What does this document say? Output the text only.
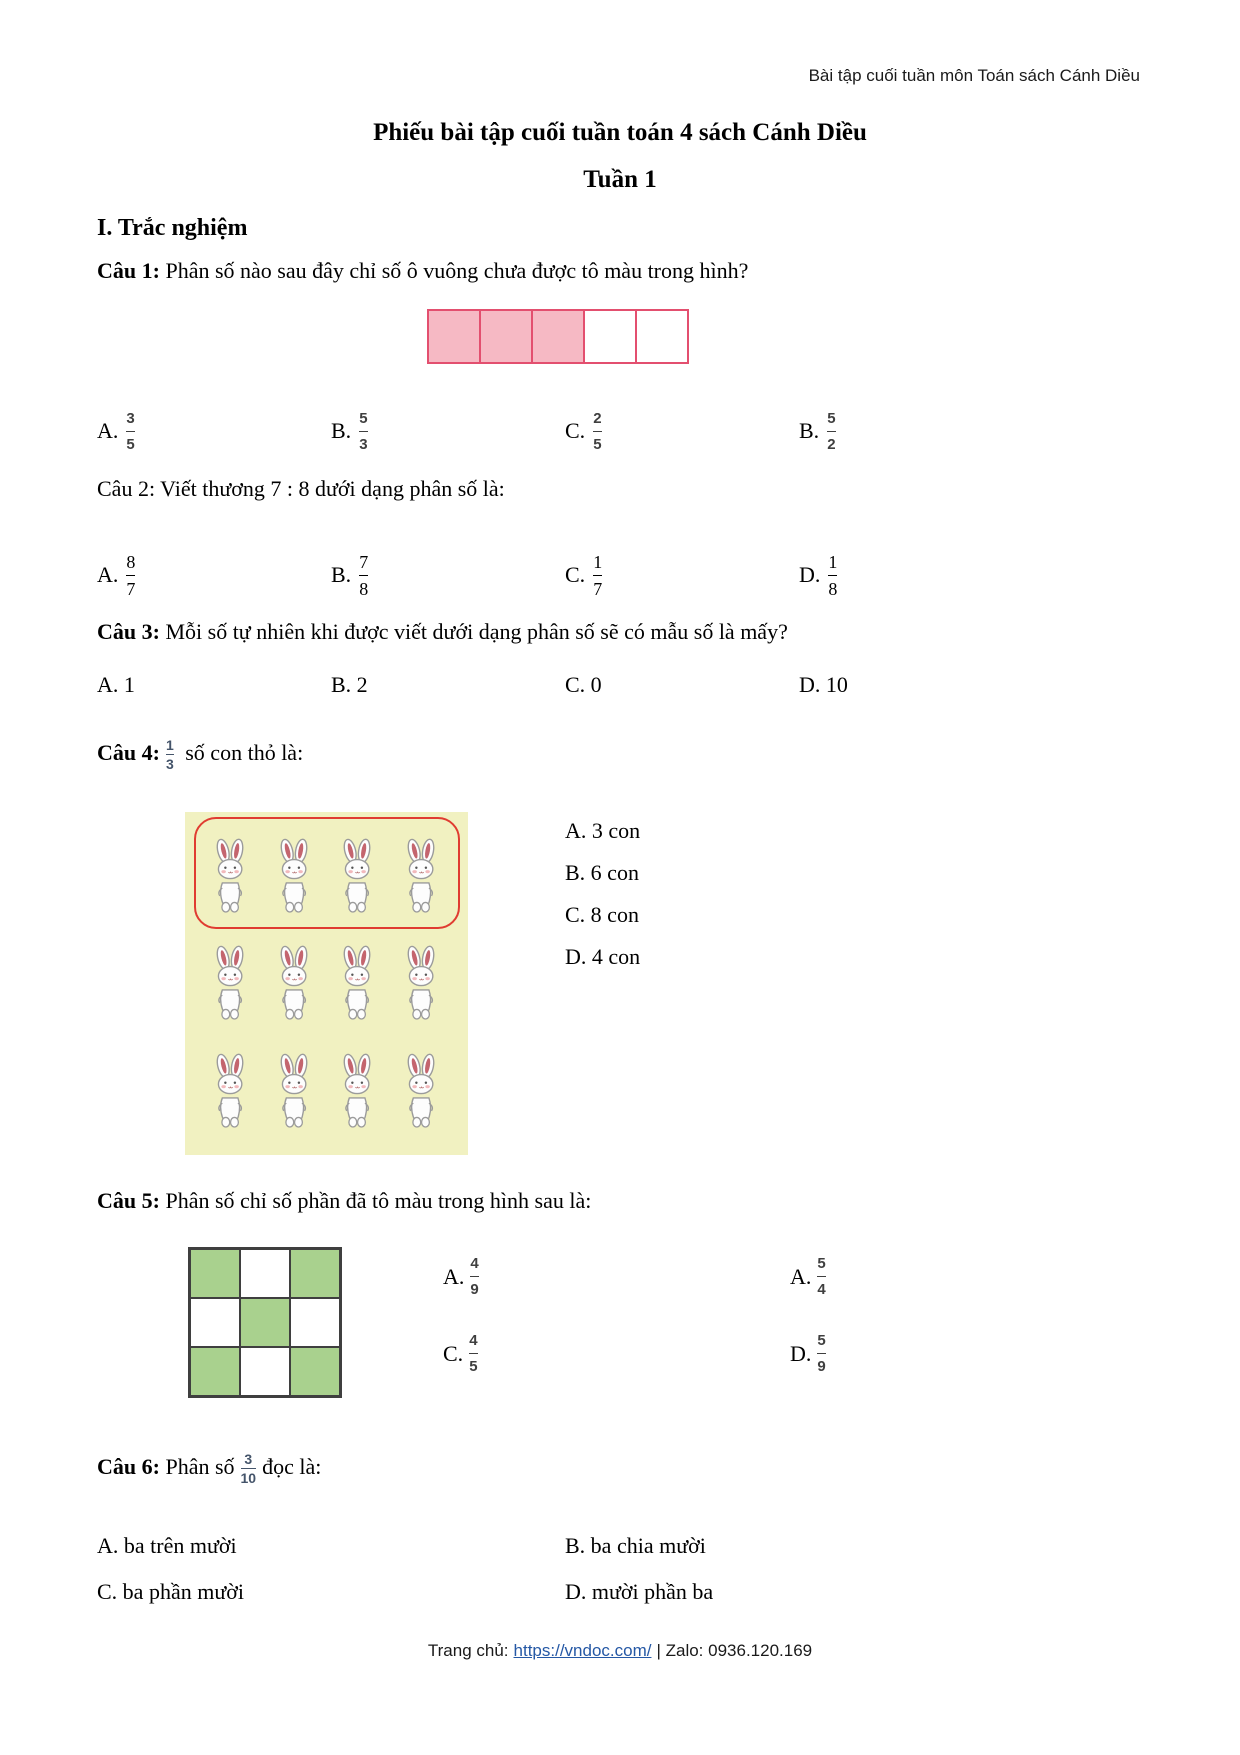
Bài tập cuối tuần môn Toán sách Cánh Diều
Phiếu bài tập cuối tuần toán 4 sách Cánh Diều
Tuần 1
I. Trắc nghiệm
Câu 1: Phân số nào sau đây chỉ số ô vuông chưa được tô màu trong hình?
A. $\frac{3}{5}$	B. $\frac{5}{3}$	C. $\frac{2}{5}$	B. $\frac{5}{2}$
Câu 2: Viết thương 7 : 8 dưới dạng phân số là:
A. $\frac{8}{7}$	B. $\frac{7}{8}$	C. $\frac{1}{7}$	D. $\frac{1}{8}$
Câu 3: Mỗi số tự nhiên khi được viết dưới dạng phân số sẽ có mẫu số là mấy?
A. 1	B. 2	C. 0	D. 10
Câu 4: $\frac{1}{3}$ số con thỏ là:
A. 3 con
B. 6 con
C. 8 con
D. 4 con
Câu 5: Phân số chỉ số phần đã tô màu trong hình sau là:
A. $\frac{4}{9}$	A. $\frac{5}{4}$
C. $\frac{4}{5}$	D. $\frac{5}{9}$
Câu 6: Phân số $\frac{3}{10}$ đọc là:
A. ba trên mười	B. ba chia mười
C. ba phần mười	D. mười phần ba
Trang chủ: https://vndoc.com/ | Zalo: 0936.120.169
